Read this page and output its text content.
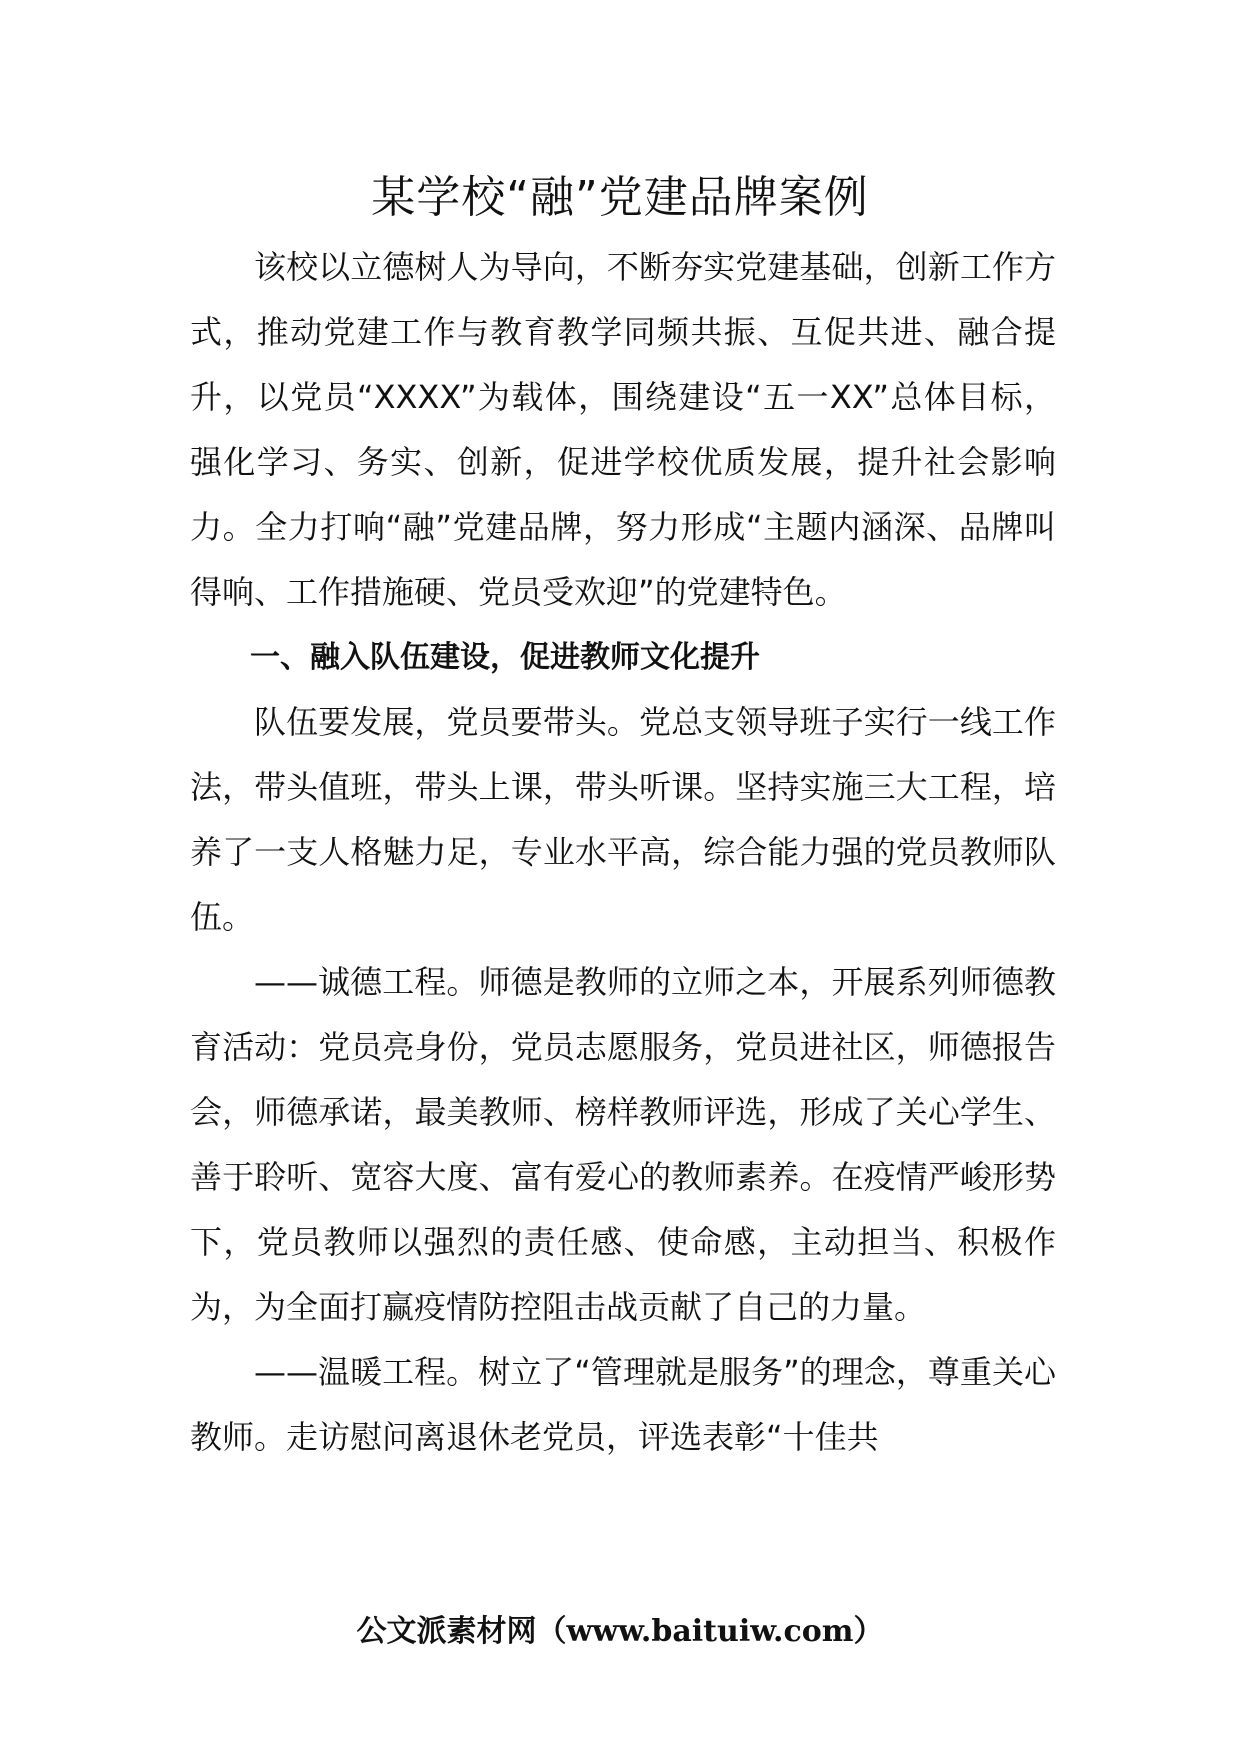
某学校“融”党建品牌案例

该校以立德树人为导向，不断夯实党建基础，创新工作方式，推动党建工作与教育教学同频共振、互促共进、融合提升，以党员“XXXX”为载体，围绕建设“五一XX”总体目标，强化学习、务实、创新，促进学校优质发展，提升社会影响力。全力打响“融”党建品牌，努力形成“主题内涵深、品牌叫得响、工作措施硬、党员受欢迎”的党建特色。

一、融入队伍建设，促进教师文化提升

队伍要发展，党员要带头。党总支领导班子实行一线工作法，带头值班，带头上课，带头听课。坚持实施三大工程，培养了一支人格魅力足，专业水平高，综合能力强的党员教师队伍。

——诚德工程。师德是教师的立师之本，开展系列师德教育活动：党员亮身份，党员志愿服务，党员进社区，师德报告会，师德承诺，最美教师、榜样教师评选，形成了关心学生、善于聆听、宽容大度、富有爱心的教师素养。在疫情严峻形势下，党员教师以强烈的责任感、使命感，主动担当、积极作为，为全面打赢疫情防控阻击战贡献了自己的力量。

——温暖工程。树立了“管理就是服务”的理念，尊重关心教师。走访慰问离退休老党员，评选表彰“十佳共

公文派素材网（www.baituiw.com）
